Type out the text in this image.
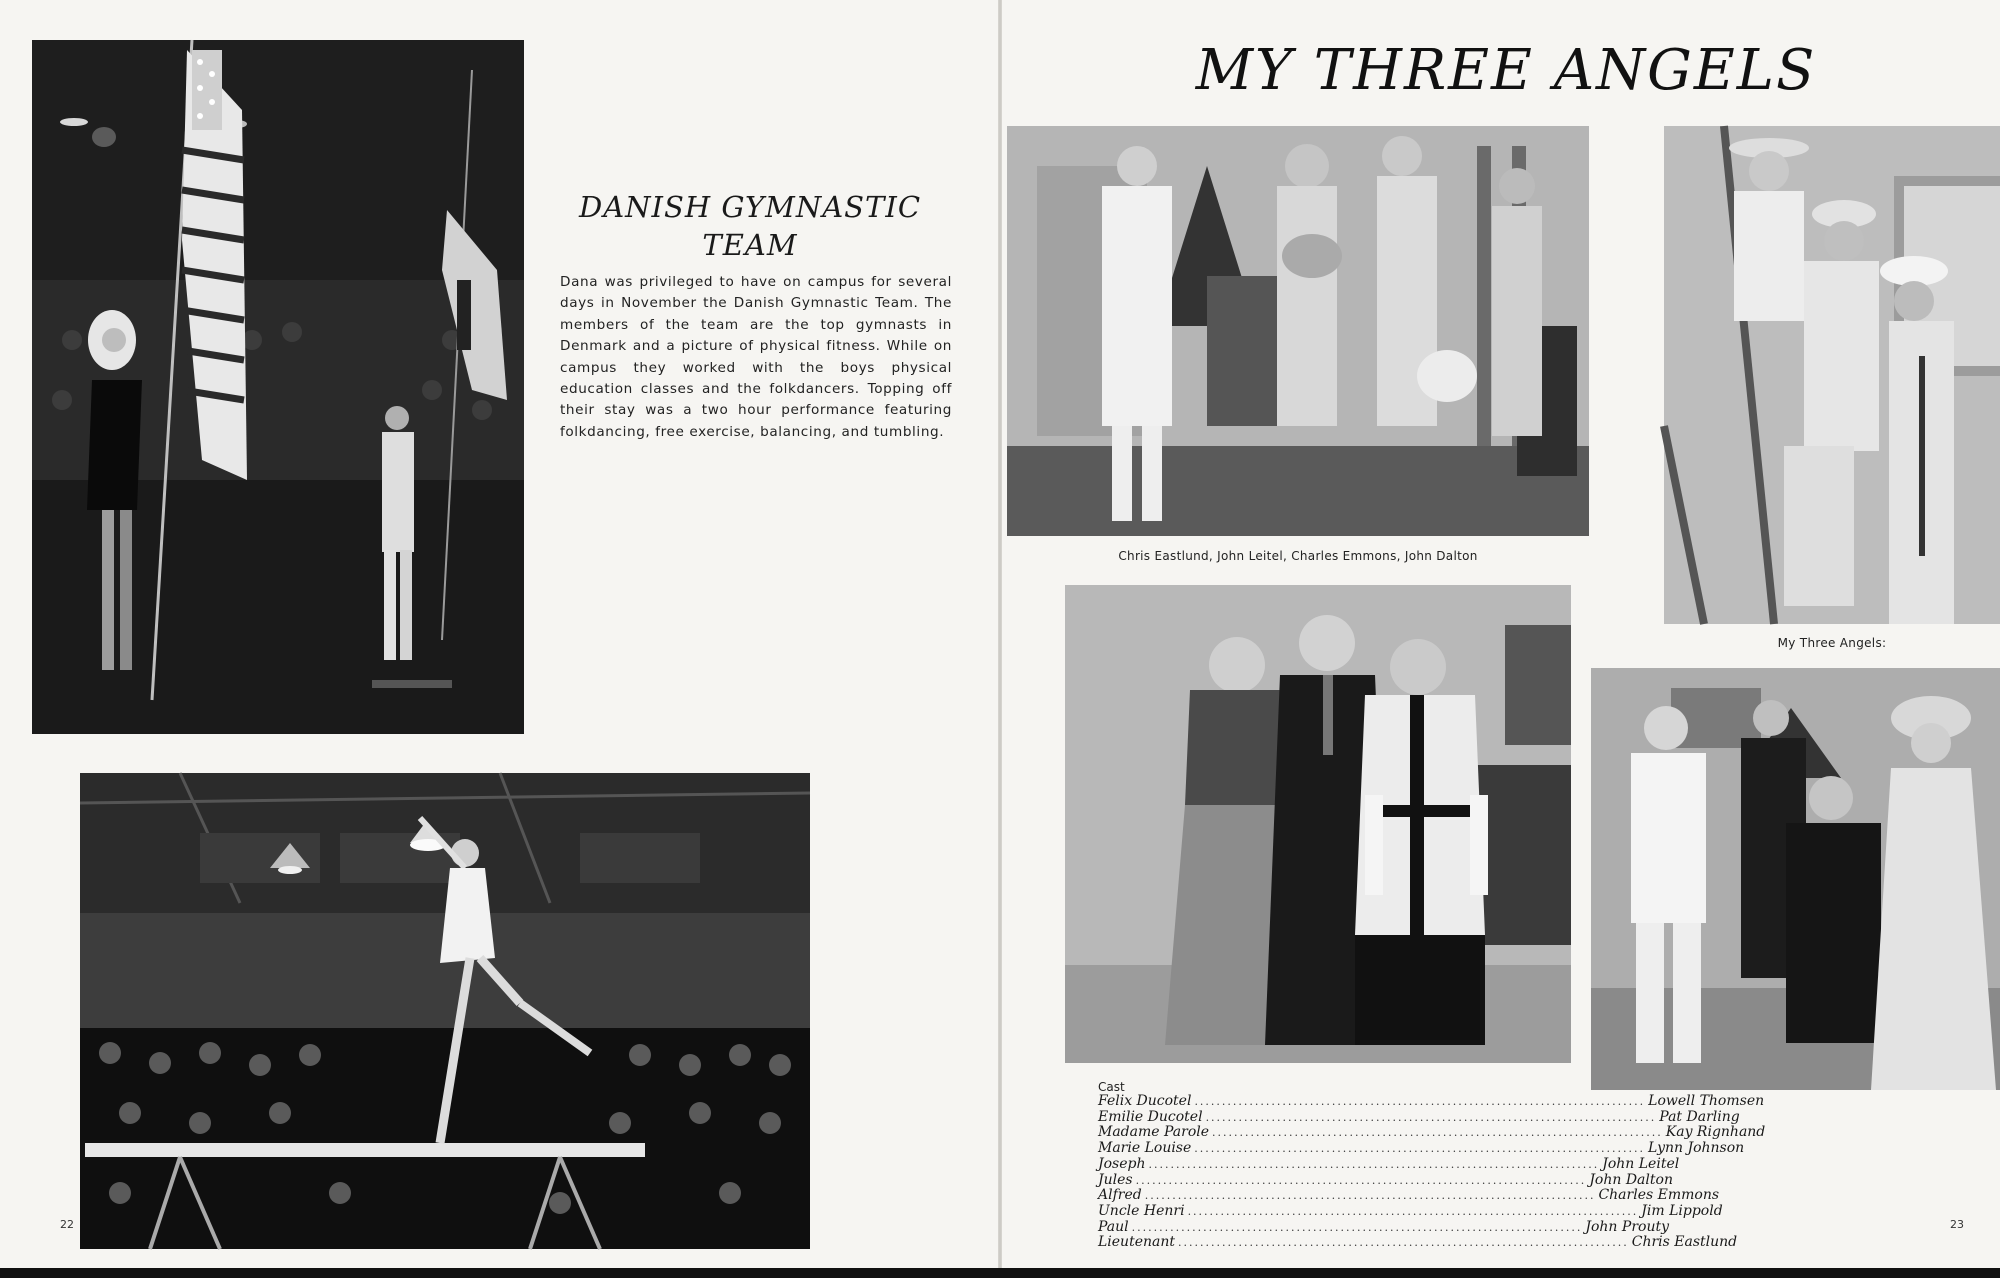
DANISH GYMNASTIC
TEAM

Dana was privileged to have on campus for several days in November the Danish Gymnastic Team. The members of the team are the top gymnasts in Denmark and a picture of physical fitness. While on campus they worked with the boys physical education classes and the folkdancers. Topping off their stay was a two hour performance featuring folkdancing, free exercise, balancing, and tumbling.

22
MY THREE ANGELS

Chris Eastlund, John Leitel, Charles Emmons, John Dalton

My Three Angels:

Cast
Felix Ducotel .................................................................................. Lowell Thomsen
Emilie Ducotel .................................................................................. Pat Darling
Madame Parole .................................................................................. Kay Rignhand
Marie Louise .................................................................................. Lynn Johnson
Joseph .................................................................................. John Leitel
Jules .................................................................................. John Dalton
Alfred .................................................................................. Charles Emmons
Uncle Henri .................................................................................. Jim Lippold
Paul .................................................................................. John Prouty
Lieutenant .................................................................................. Chris Eastlund
23
